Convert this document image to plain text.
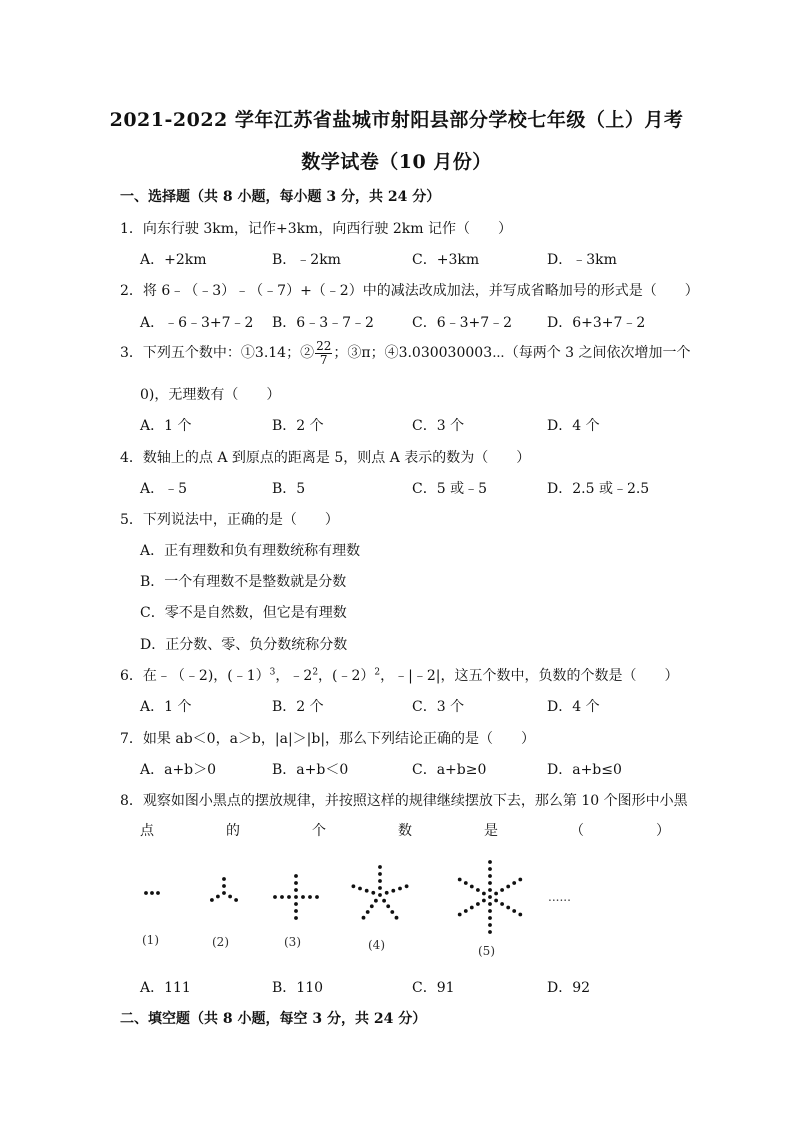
2021-2022 学年江苏省盐城市射阳县部分学校七年级（上）月考
数学试卷（10 月份）
一、选择题（共 8 小题，每小题 3 分，共 24 分）
1．向东行驶 3km，记作+3km，向西行驶 2km 记作（　　）
A．+2km	B．﹣2km	C．+3km	D．﹣3km
2．将 6﹣（﹣3）﹣（﹣7）+（﹣2）中的减法改成加法，并写成省略加号的形式是（　　）
A．﹣6﹣3+7﹣2 B．6﹣3﹣7﹣2	C．6﹣3+7﹣2 D．6+3+7﹣2
3．下列五个数中：①3.14；② $\frac{22}{7}$ ；③π；④3.030030003⋯（每两个 3 之间依次增加一个
0)，无理数有（　　）
A．1 个	B．2 个	C．3 个	D．4 个
4．数轴上的点 A 到原点的距离是 5，则点 A 表示的数为（　　）
A．﹣5	B．5	C．5 或﹣5	D．2.5 或﹣2.5
5．下列说法中，正确的是（　　）
A．正有理数和负有理数统称有理数
B．一个有理数不是整数就是分数
C．零不是自然数，但它是有理数
D．正分数、零、负分数统称分数
6．在﹣（﹣2)，(﹣1）$^3$，$﹣2^2$，(﹣2）$^2$，﹣|﹣2|，这五个数中，负数的个数是（　　）
A．1 个	B．2 个	C．3 个	D．4 个
7．如果 ab＜0，a＞b，|a|＞|b|，那么下列结论正确的是（　　）
A．a+b＞0	B．a+b＜0	C．a+b≥0	D．a+b≤0
8．观察如图小黑点的摆放规律，并按照这样的规律继续摆放下去，那么第 10 个图形中小黑
点	的	个	数	是	（	）
(1)	(2)	(3)	(4)	(5)
......
A．111	B．110	C．91	D．92
二、填空题（共 8 小题，每空 3 分，共 24 分）
